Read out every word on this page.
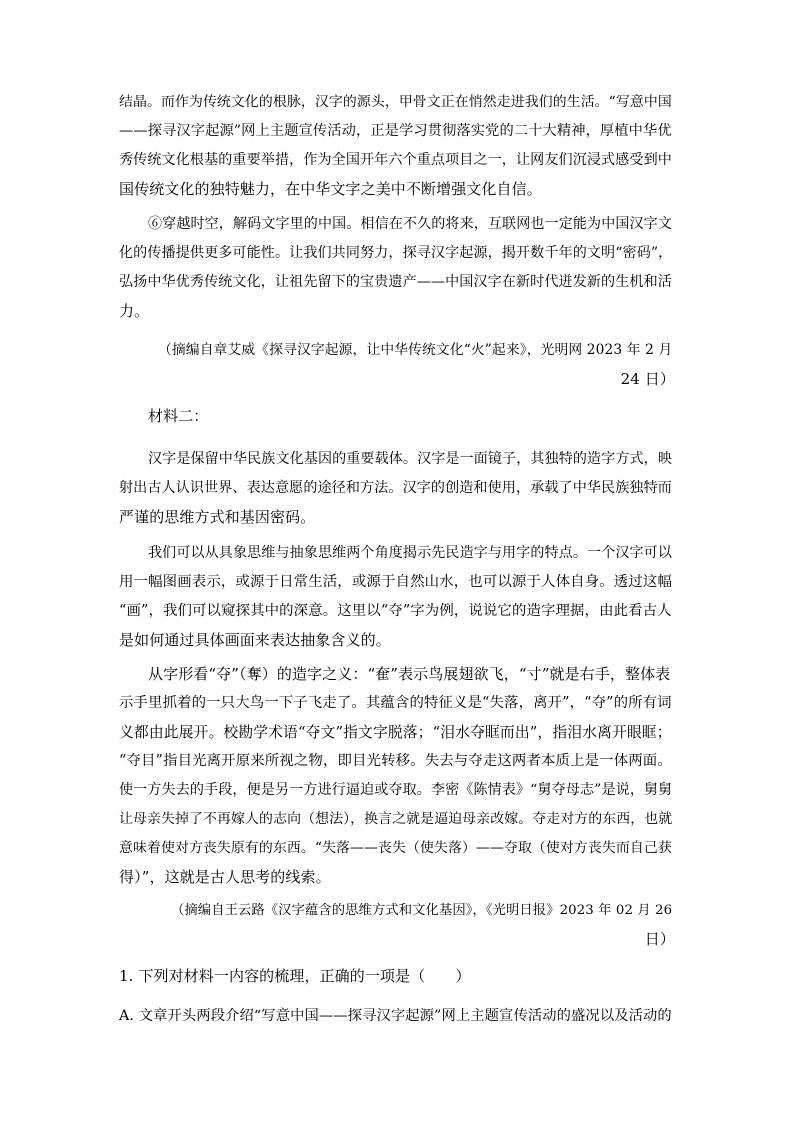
结晶。而作为传统文化的根脉，汉字的源头，甲骨文正在悄然走进我们的生活。“写意中国
——探寻汉字起源”网上主题宣传活动，正是学习贯彻落实党的二十大精神，厚植中华优
秀传统文化根基的重要举措，作为全国开年六个重点项目之一，让网友们沉浸式感受到中
国传统文化的独特魅力，在中华文字之美中不断增强文化自信。
⑥穿越时空，解码文字里的中国。相信在不久的将来，互联网也一定能为中国汉字文
化的传播提供更多可能性。让我们共同努力，探寻汉字起源，揭开数千年的文明“密码”，
弘扬中华优秀传统文化，让祖先留下的宝贵遗产——中国汉字在新时代迸发新的生机和活
力。
（摘编自章艾威《探寻汉字起源，让中华传统文化“火”起来》，光明网 2023 年 2 月
24 日）
材料二：
汉字是保留中华民族文化基因的重要载体。汉字是一面镜子，其独特的造字方式，映
射出古人认识世界、表达意愿的途径和方法。汉字的创造和使用，承载了中华民族独特而
严谨的思维方式和基因密码。
我们可以从具象思维与抽象思维两个角度揭示先民造字与用字的特点。一个汉字可以
用一幅图画表示，或源于日常生活，或源于自然山水，也可以源于人体自身。透过这幅
“画”，我们可以窥探其中的深意。这里以“夺”字为例，说说它的造字理据，由此看古人
是如何通过具体画面来表达抽象含义的。
从字形看“夺”（奪）的造字之义：“奞”表示鸟展翅欲飞，“寸”就是右手，整体表
示手里抓着的一只大鸟一下子飞走了。其蕴含的特征义是“失落，离开”，“夺”的所有词
义都由此展开。校勘学术语“夺文”指文字脱落；“泪水夺眶而出”，指泪水离开眼眶；
“夺目”指目光离开原来所视之物，即目光转移。失去与夺走这两者本质上是一体两面。
使一方失去的手段，便是另一方进行逼迫或夺取。李密《陈情表》“舅夺母志”是说，舅舅
让母亲失掉了不再嫁人的志向（想法），换言之就是逼迫母亲改嫁。夺走对方的东西，也就
意味着使对方丧失原有的东西。“失落——丧失（使失落）——夺取（使对方丧失而自己获
得）”，这就是古人思考的线索。
（摘编自王云路《汉字蕴含的思维方式和文化基因》，《光明日报》2023 年 02 月 26
日）
1. 下列对材料一内容的梳理，正确的一项是（　　）
A. 文章开头两段介绍“写意中国——探寻汉字起源”网上主题宣传活动的盛况以及活动的
